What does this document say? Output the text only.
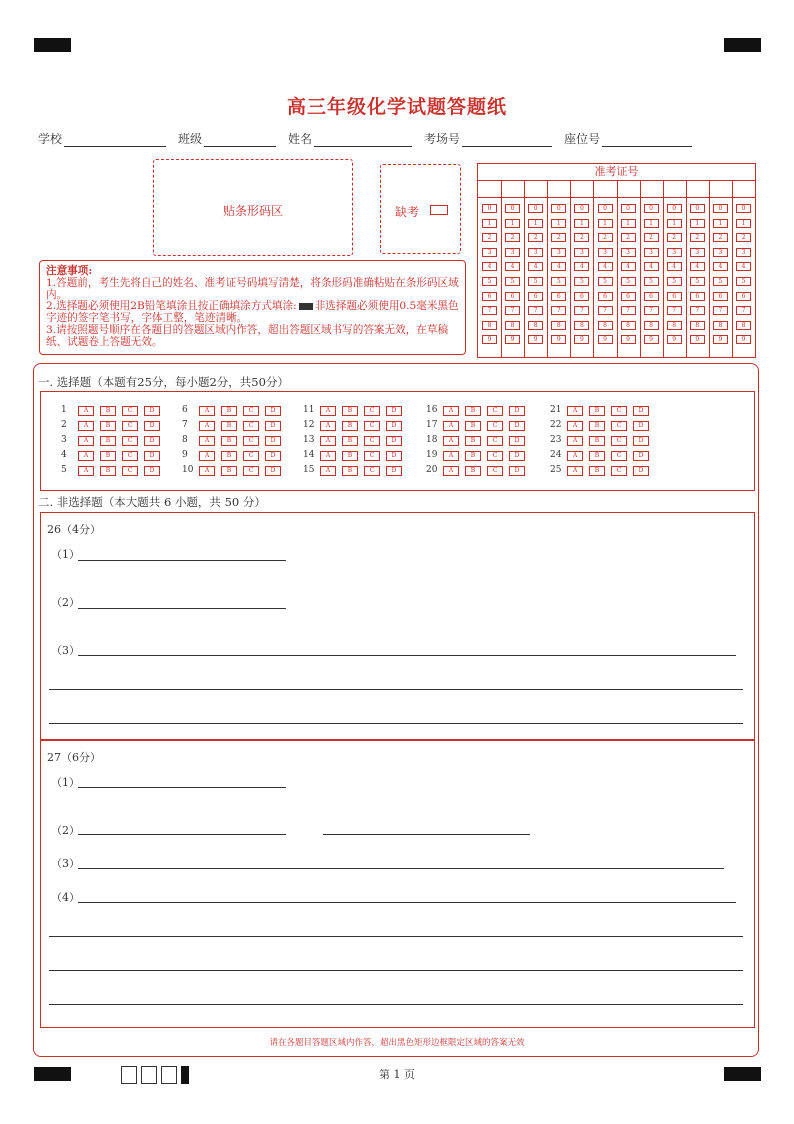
高三年级化学试题答题纸
学校	班级	姓名	考场号	座位号
贴条形码区	缺考
注意事项:
1.答题前，考生先将自己的姓名、准考证号码填写清楚，将条形码准确粘贴在条形码区域内。
2.选择题必须使用2B铅笔填涂且按正确填涂方式填涂: 非选择题必须使用0.5毫米黑色字迹的签字笔书写，字体工整，笔迹清晰。
3.请按照题号顺序在各题目的答题区域内作答，超出答题区域书写的答案无效，在草稿纸、试题卷上答题无效。
准考证号
0	0	0	0	0	0	0	0	0	0	0	0
1	1	1	1	1	1	1	1	1	1	1	1
2	2	2	2	2	2	2	2	2	2	2	2
3	3	3	3	3	3	3	3	3	3	3	3
4	4	4	4	4	4	4	4	4	4	4	4
5	5	5	5	5	5	5	5	5	5	5	5
6	6	6	6	6	6	6	6	6	6	6	6
7	7	7	7	7	7	7	7	7	7	7	7
8	8	8	8	8	8	8	8	8	8	8	8
9	9	9	9	9	9	9	9	9	9	9	9
一. 选择题（本题有25分，每小题2分，共50分）
1	A	B	C	D
2	A	B	C	D
3	A	B	C	D
4	A	B	C	D
5	A	B	C	D
6	A	B	C	D
7	A	B	C	D
8	A	B	C	D
9	A	B	C	D
10	A	B	C	D
11	A	B	C	D
12	A	B	C	D
13	A	B	C	D
14	A	B	C	D
15	A	B	C	D
16	A	B	C	D
17	A	B	C	D
18	A	B	C	D
19	A	B	C	D
20	A	B	C	D
21	A	B	C	D
22	A	B	C	D
23	A	B	C	D
24	A	B	C	D
25	A	B	C	D
二. 非选择题（本大题共 6 小题，共 50 分）
26（4分）
（1）
（2）
（3）
27（6分）
（1）
（2）
（3）
（4）
请在各题目答题区域内作答，超出黑色矩形边框限定区域的答案无效
第 1 页
